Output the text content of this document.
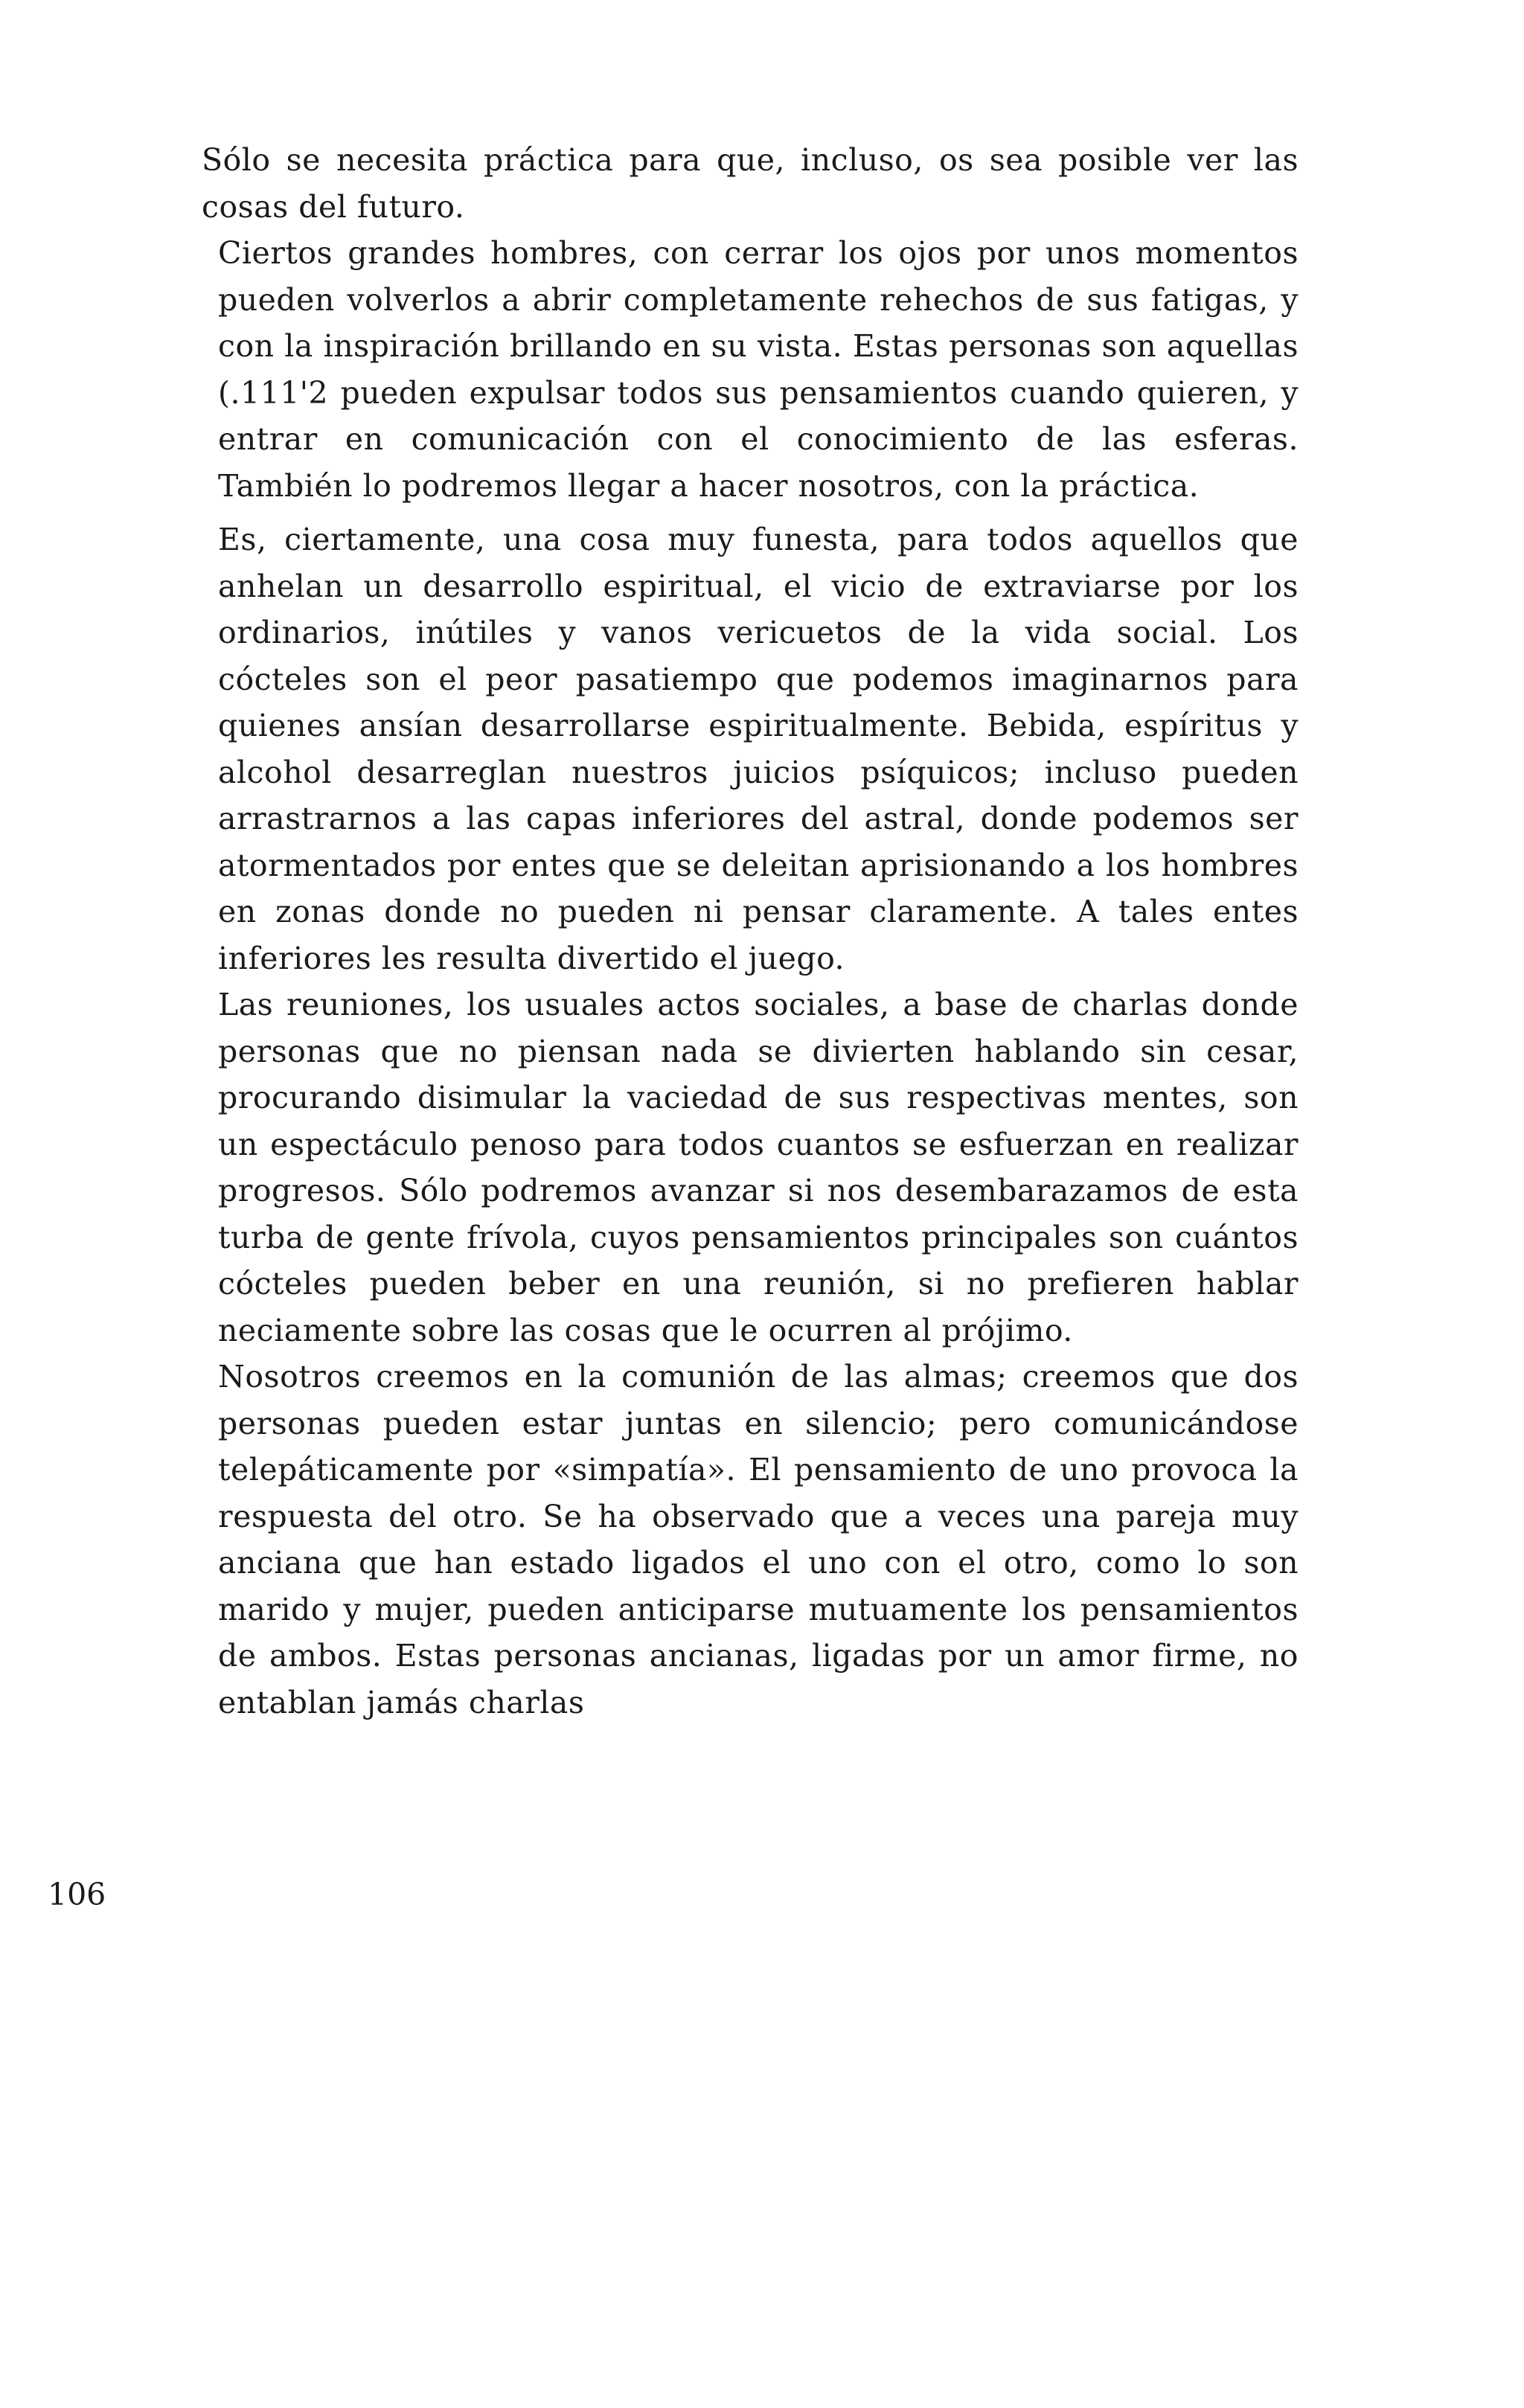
Sólo se necesita práctica para que, incluso, os sea posible ver las cosas del futuro.

Ciertos grandes hombres, con cerrar los ojos por unos momentos pueden volverlos a abrir completamente rehechos de sus fatigas, y con la inspiración brillando en su vista. Estas personas son aquellas (.111'2 pueden expulsar todos sus pensamientos cuando quieren, y entrar en comunicación con el conocimiento de las esferas. También lo podremos llegar a hacer nosotros, con la práctica.

Es, ciertamente, una cosa muy funesta, para todos aquellos que anhelan un desarrollo espiritual, el vicio de extraviarse por los ordinarios, inútiles y vanos vericuetos de la vida social. Los cócteles son el peor pasatiempo que podemos imaginarnos para quienes ansían desarrollarse espiritualmente. Bebida, espíritus y alcohol desarreglan nuestros juicios psíquicos; incluso pueden arrastrarnos a las capas inferiores del astral, donde podemos ser atormentados por entes que se deleitan aprisionando a los hombres en zonas donde no pueden ni pensar claramente. A tales entes inferiores les resulta divertido el juego.

Las reuniones, los usuales actos sociales, a base de charlas donde personas que no piensan nada se divierten hablando sin cesar, procurando disimular la vaciedad de sus respectivas mentes, son un espectáculo penoso para todos cuantos se esfuerzan en realizar progresos. Sólo podremos avanzar si nos desembarazamos de esta turba de gente frívola, cuyos pensamientos principales son cuántos cócteles pueden beber en una reunión, si no prefieren hablar neciamente sobre las cosas que le ocurren al prójimo.

Nosotros creemos en la comunión de las almas; creemos que dos personas pueden estar juntas en silencio; pero comunicándose telepáticamente por «simpatía». El pensamiento de uno provoca la respuesta del otro. Se ha observado que a veces una pareja muy anciana que han estado ligados el uno con el otro, como lo son marido y mujer, pueden anticiparse mutuamente los pensamientos de ambos. Estas personas ancianas, ligadas por un amor firme, no entablan jamás charlas

106
